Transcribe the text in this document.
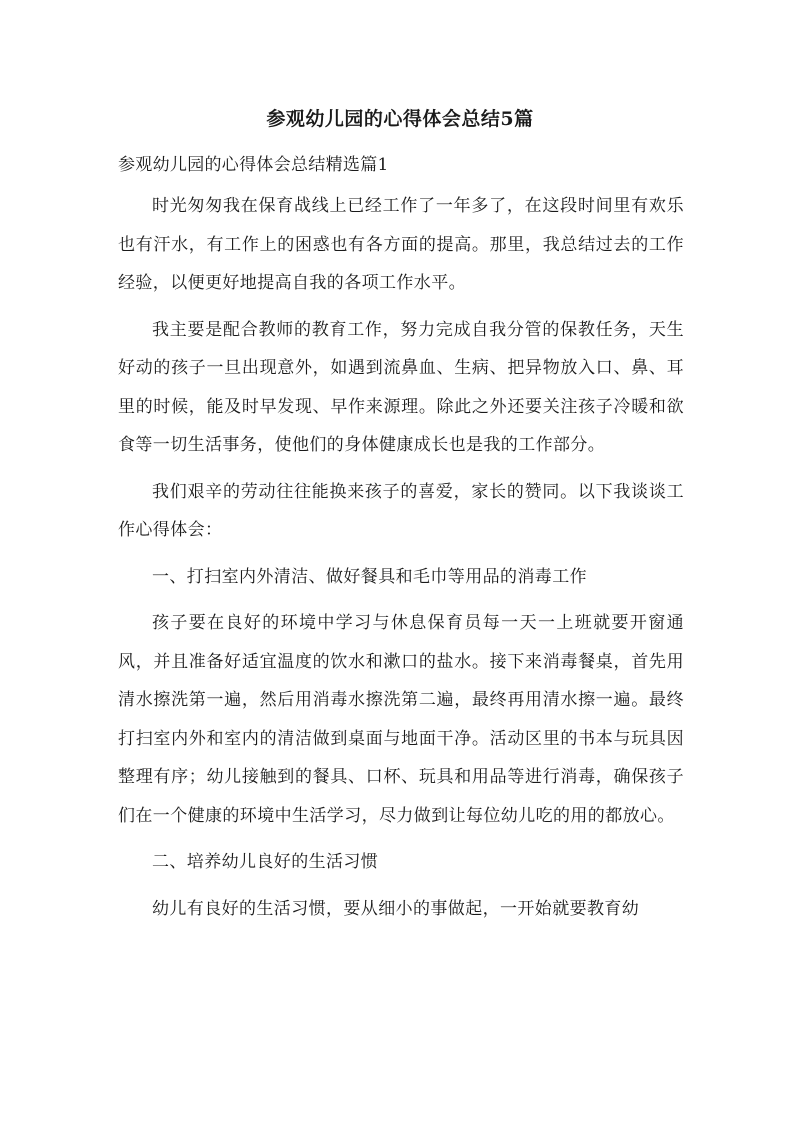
参观幼儿园的心得体会总结5篇
参观幼儿园的心得体会总结精选篇1

时光匆匆我在保育战线上已经工作了一年多了，在这段时间里有欢乐也有汗水，有工作上的困惑也有各方面的提高。那里，我总结过去的工作经验，以便更好地提高自我的各项工作水平。

我主要是配合教师的教育工作，努力完成自我分管的保教任务，天生好动的孩子一旦出现意外，如遇到流鼻血、生病、把异物放入口、鼻、耳里的时候，能及时早发现、早作来源理。除此之外还要关注孩子冷暖和欲食等一切生活事务，使他们的身体健康成长也是我的工作部分。

我们艰辛的劳动往往能换来孩子的喜爱，家长的赞同。以下我谈谈工作心得体会：

一、打扫室内外清洁、做好餐具和毛巾等用品的消毒工作

孩子要在良好的环境中学习与休息保育员每一天一上班就要开窗通风，并且准备好适宜温度的饮水和漱口的盐水。接下来消毒餐桌，首先用清水擦洗第一遍，然后用消毒水擦洗第二遍，最终再用清水擦一遍。最终打扫室内外和室内的清洁做到桌面与地面干净。活动区里的书本与玩具因整理有序；幼儿接触到的餐具、口杯、玩具和用品等进行消毒，确保孩子们在一个健康的环境中生活学习，尽力做到让每位幼儿吃的用的都放心。

二、培养幼儿良好的生活习惯

幼儿有良好的生活习惯，要从细小的事做起，一开始就要教育幼
